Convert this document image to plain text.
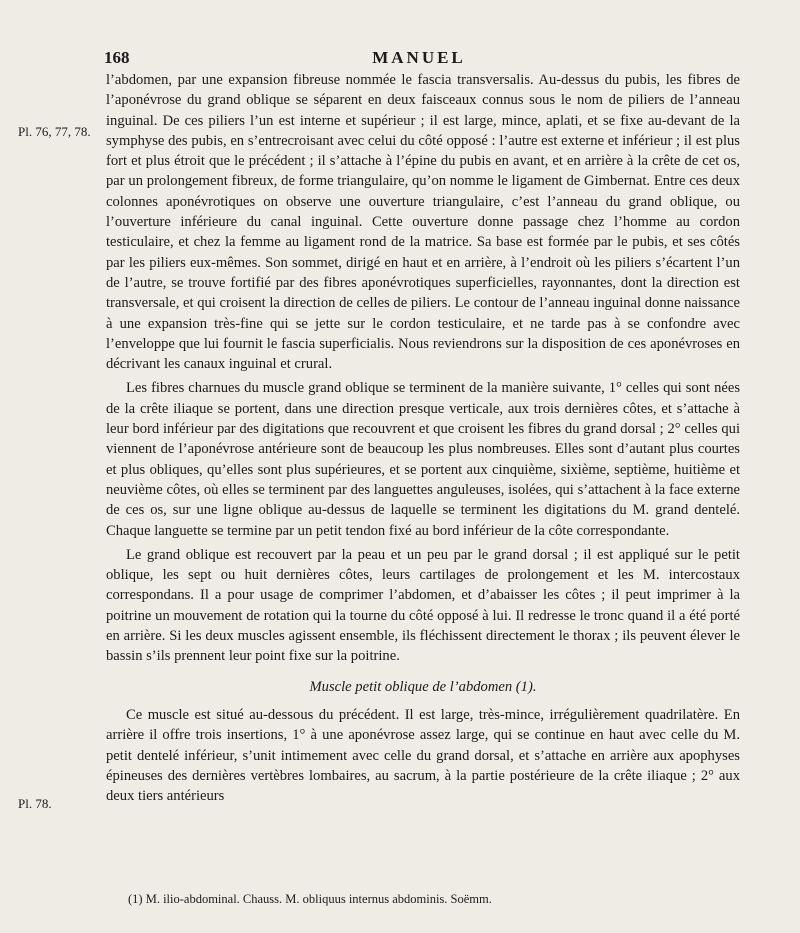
168	MANUEL
Pl. 76, 77, 78.
Pl. 78.

l’abdomen, par une expansion fibreuse nommée le fascia transversalis. Au-dessus du pubis, les fibres de l’aponévrose du grand oblique se séparent en deux faisceaux connus sous le nom de piliers de l’anneau inguinal. De ces piliers l’un est interne et supérieur ; il est large, mince, aplati, et se fixe au-devant de la symphyse des pubis, en s’entrecroisant avec celui du côté opposé : l’autre est externe et inférieur ; il est plus fort et plus étroit que le précédent ; il s’attache à l’épine du pubis en avant, et en arrière à la crête de cet os, par un prolongement fibreux, de forme triangulaire, qu’on nomme le ligament de Gimbernat. Entre ces deux colonnes aponévrotiques on observe une ouverture triangulaire, c’est l’anneau du grand oblique, ou l’ouverture inférieure du canal inguinal. Cette ouverture donne passage chez l’homme au cordon testiculaire, et chez la femme au ligament rond de la matrice. Sa base est formée par le pubis, et ses côtés par les piliers eux-mêmes. Son sommet, dirigé en haut et en arrière, à l’endroit où les piliers s’écartent l’un de l’autre, se trouve fortifié par des fibres aponévrotiques superficielles, rayonnantes, dont la direction est transversale, et qui croisent la direction de celles de piliers. Le contour de l’anneau inguinal donne naissance à une expansion très-fine qui se jette sur le cordon testiculaire, et ne tarde pas à se confondre avec l’enveloppe que lui fournit le fascia superficialis. Nous reviendrons sur la disposition de ces aponévroses en décrivant les canaux inguinal et crural.

Les fibres charnues du muscle grand oblique se terminent de la manière suivante, 1° celles qui sont nées de la crête iliaque se portent, dans une direction presque verticale, aux trois dernières côtes, et s’attache à leur bord inférieur par des digitations que recouvrent et que croisent les fibres du grand dorsal ; 2° celles qui viennent de l’aponévrose antérieure sont de beaucoup les plus nombreuses. Elles sont d’autant plus courtes et plus obliques, qu’elles sont plus supérieures, et se portent aux cinquième, sixième, septième, huitième et neuvième côtes, où elles se terminent par des languettes anguleuses, isolées, qui s’attachent à la face externe de ces os, sur une ligne oblique au-dessus de laquelle se terminent les digitations du M. grand dentelé. Chaque languette se termine par un petit tendon fixé au bord inférieur de la côte correspondante.

Le grand oblique est recouvert par la peau et un peu par le grand dorsal ; il est appliqué sur le petit oblique, les sept ou huit dernières côtes, leurs cartilages de prolongement et les M. intercostaux correspondans. Il a pour usage de comprimer l’abdomen, et d’abaisser les côtes ; il peut imprimer à la poitrine un mouvement de rotation qui la tourne du côté opposé à lui. Il redresse le tronc quand il a été porté en arrière. Si les deux muscles agissent ensemble, ils fléchissent directement le thorax ; ils peuvent élever le bassin s’ils prennent leur point fixe sur la poitrine.

Muscle petit oblique de l’abdomen (1).

Ce muscle est situé au-dessous du précédent. Il est large, très-mince, irrégulièrement quadrilatère. En arrière il offre trois insertions, 1° à une aponévrose assez large, qui se continue en haut avec celle du M. petit dentelé inférieur, s’unit intimement avec celle du grand dorsal, et s’attache en arrière aux apophyses épineuses des dernières vertèbres lombaires, au sacrum, à la partie postérieure de la crête iliaque ; 2° aux deux tiers antérieurs

(1) M. ilio-abdominal. Chauss. M. obliquus internus abdominis. Soëmm.
